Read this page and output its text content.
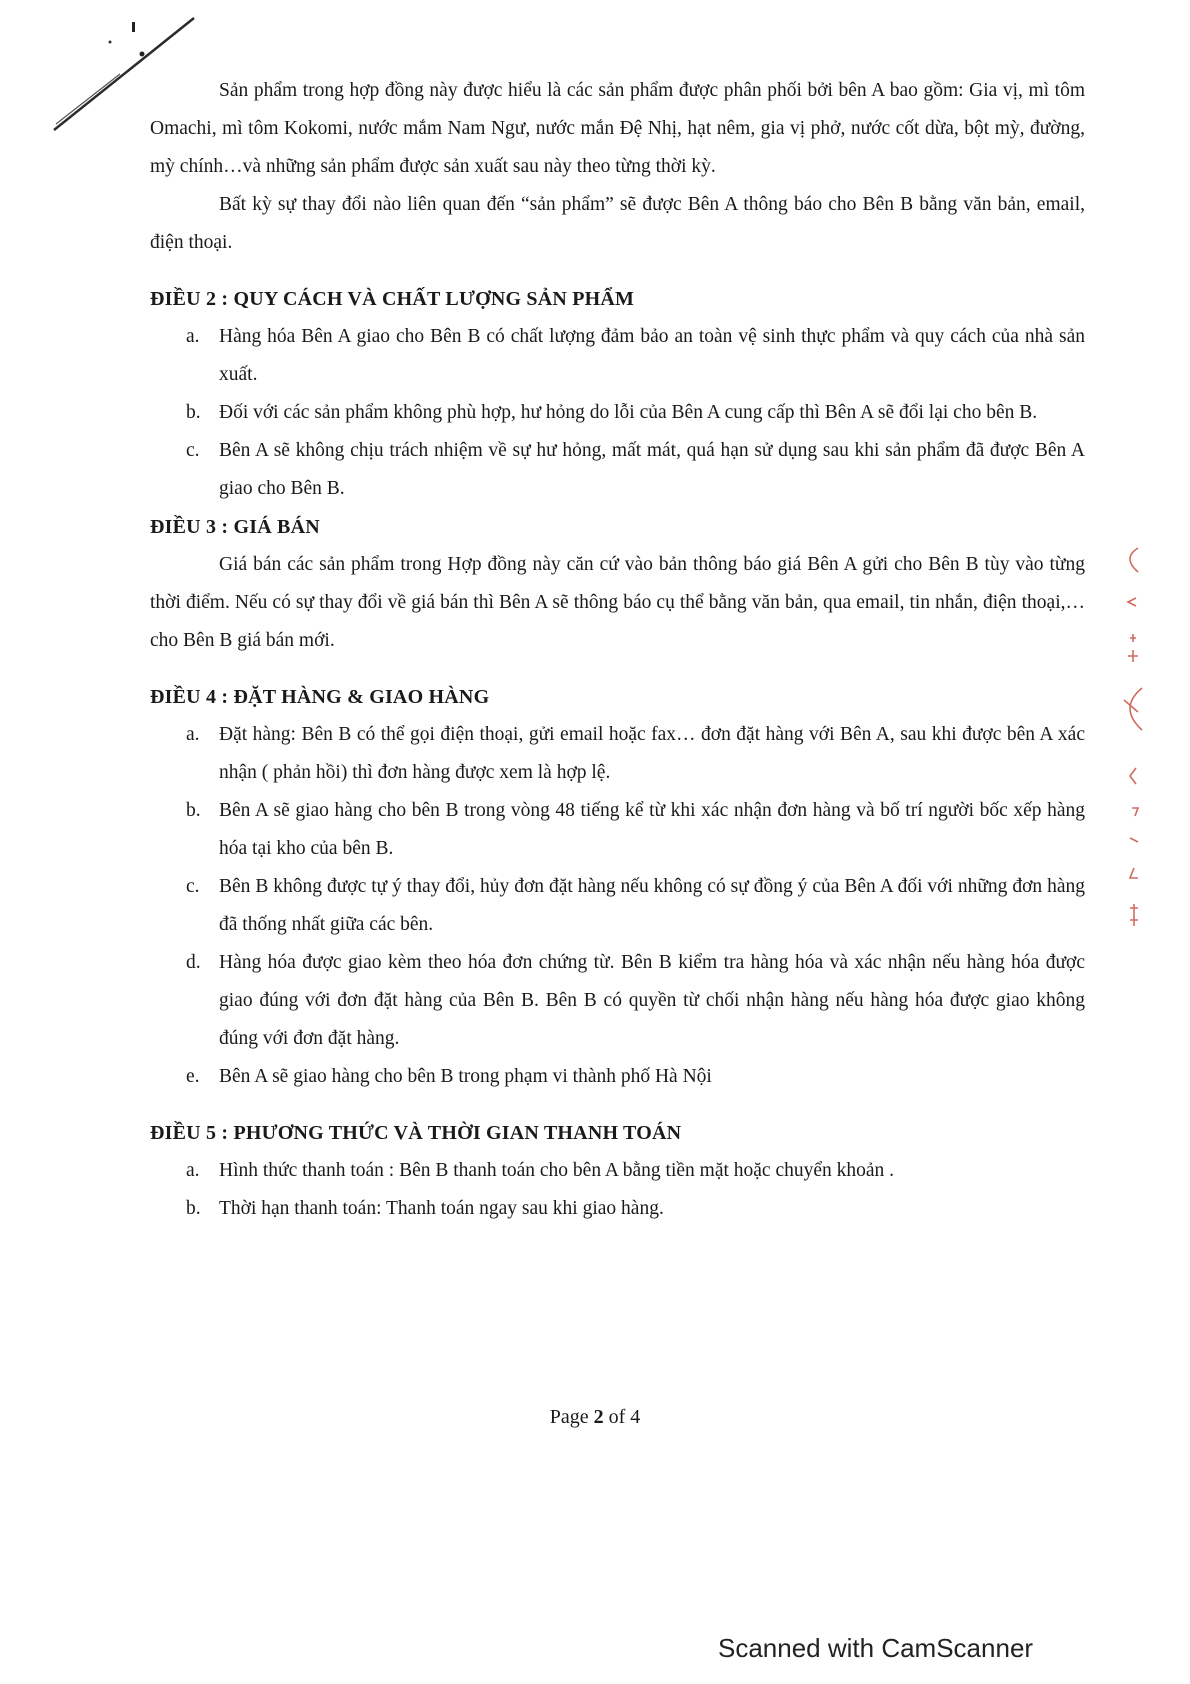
Sản phẩm trong hợp đồng này được hiểu là các sản phẩm được phân phối bởi bên A bao gồm: Gia vị, mì tôm Omachi, mì tôm Kokomi, nước mắm Nam Ngư, nước mắn Đệ Nhị, hạt nêm, gia vị phở, nước cốt dừa, bột mỳ, đường, mỳ chính…và những sản phẩm được sản xuất sau này theo từng thời kỳ.

Bất kỳ sự thay đổi nào liên quan đến “sản phẩm” sẽ được Bên A thông báo cho Bên B bằng văn bản, email, điện thoại.

ĐIỀU 2 : QUY CÁCH VÀ CHẤT LƯỢNG SẢN PHẨM
a. Hàng hóa Bên A giao cho Bên B có chất lượng đảm bảo an toàn vệ sinh thực phẩm và quy cách của nhà sản xuất.
b. Đối với các sản phẩm không phù hợp, hư hỏng do lỗi của Bên A cung cấp thì Bên A sẽ đổi lại cho bên B.
c. Bên A sẽ không chịu trách nhiệm về sự hư hỏng, mất mát, quá hạn sử dụng sau khi sản phẩm đã được Bên A giao cho Bên B.
ĐIỀU 3 : GIÁ BÁN

Giá bán các sản phẩm trong Hợp đồng này căn cứ vào bản thông báo giá Bên A gửi cho Bên B tùy vào từng thời điểm. Nếu có sự thay đổi về giá bán thì Bên A sẽ thông báo cụ thể bằng văn bản, qua email, tin nhắn, điện thoại,… cho Bên B giá bán mới.

ĐIỀU 4 : ĐẶT HÀNG & GIAO HÀNG
a. Đặt hàng: Bên B có thể gọi điện thoại, gửi email hoặc fax… đơn đặt hàng với Bên A, sau khi được bên A xác nhận ( phản hồi) thì đơn hàng được xem là hợp lệ.
b. Bên A sẽ giao hàng cho bên B trong vòng 48 tiếng kể từ khi xác nhận đơn hàng và bố trí người bốc xếp hàng hóa tại kho của bên B.
c. Bên B không được tự ý thay đổi, hủy đơn đặt hàng nếu không có sự đồng ý của Bên A đối với những đơn hàng đã thống nhất giữa các bên.
d. Hàng hóa được giao kèm theo hóa đơn chứng từ. Bên B kiểm tra hàng hóa và xác nhận nếu hàng hóa được giao đúng với đơn đặt hàng của Bên B. Bên B có quyền từ chối nhận hàng nếu hàng hóa được giao không đúng với đơn đặt hàng.
e. Bên A sẽ giao hàng cho bên B trong phạm vi thành phố Hà Nội
ĐIỀU 5 : PHƯƠNG THỨC VÀ THỜI GIAN THANH TOÁN
a. Hình thức thanh toán : Bên B thanh toán cho bên A bằng tiền mặt hoặc chuyển khoản .
b. Thời hạn thanh toán: Thanh toán ngay sau khi giao hàng.
Page 2 of 4
Scanned with CamScanner
